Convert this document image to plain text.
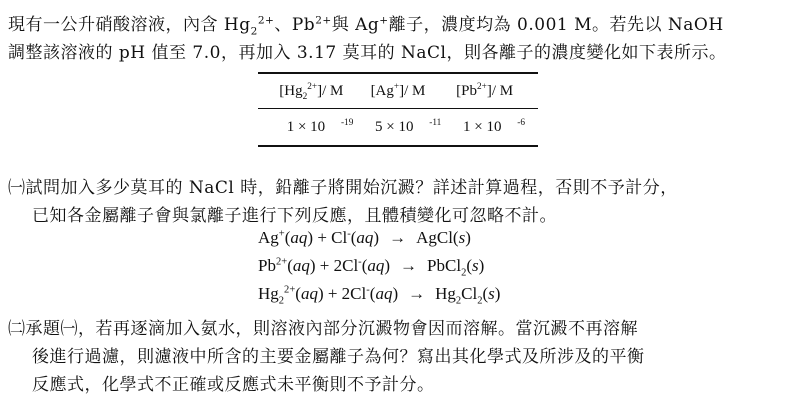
現有一公升硝酸溶液，內含 $Hg_2^{2+}$、$Pb^{2+}$與 Ag+離子，濃度均為 0.001 M。若先以 NaOH
調整該溶液的 pH 值至 7.0，再加入 3.17 莫耳的 NaCl，則各離子的濃度變化如下表所示。
$[Hg_2^{2+}]/$ M	[Ag+]/ M	$[Pb^{2+}]/$ M
1 × 10 $^{-19}$	5 × 10 $^{-11}$	1 × 10 $^{-6}$
㈠試問加入多少莫耳的 NaCl 時，鉛離子將開始沉澱？詳述計算過程，否則不予計分，
已知各金屬離子會與氯離子進行下列反應，且體積變化可忽略不計。
Ag+(aq) + Cl-(aq) → AgCl(s)
$Pb^{2+}(aq) + 2Cl^-(aq)$ → PbCl$_2$(s)
$Hg_2^{2+}(aq) + 2Cl^-(aq) \to Hg_2Cl_2(s)$
㈡承題㈠，若再逐滴加入氨水，則溶液內部分沉澱物會因而溶解。當沉澱不再溶解
後進行過濾，則濾液中所含的主要金屬離子為何？寫出其化學式及所涉及的平衡
反應式，化學式不正確或反應式未平衡則不予計分。
